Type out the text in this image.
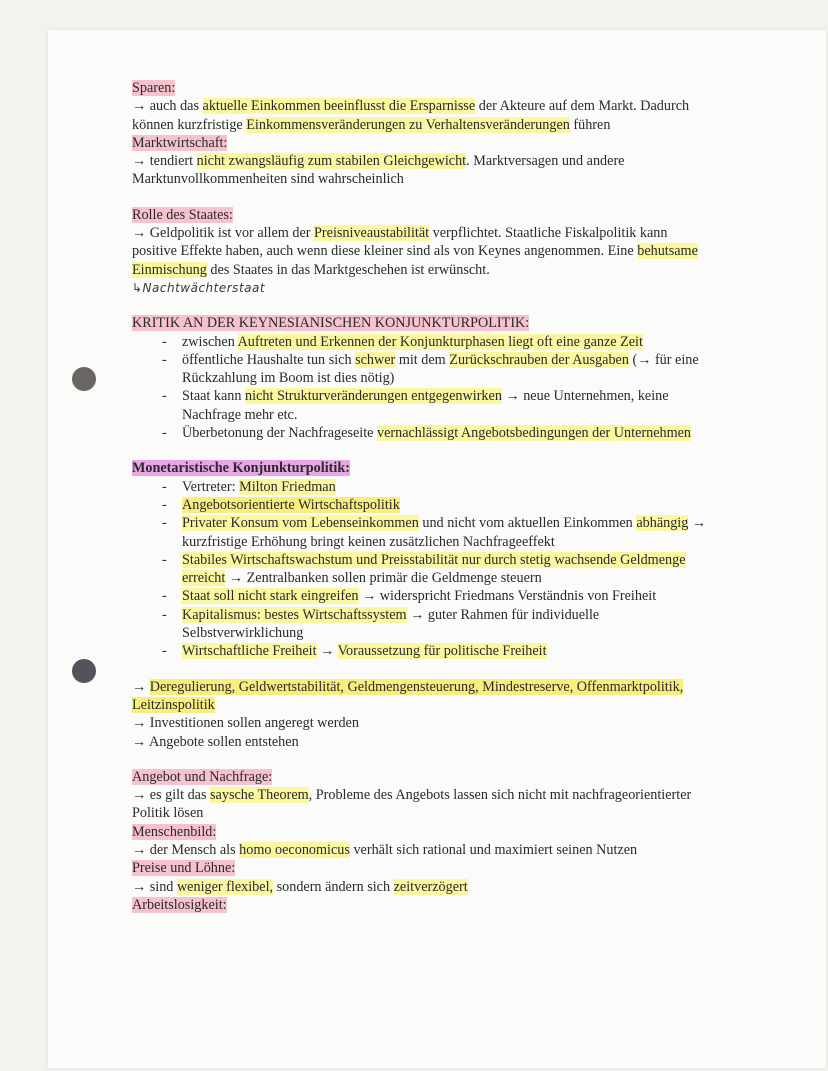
Sparen:

→ auch das aktuelle Einkommen beeinflusst die Ersparnisse der Akteure auf dem Markt. Dadurch können kurzfristige Einkommensveränderungen zu Verhaltensveränderungen führen

Marktwirtschaft:

→ tendiert nicht zwangsläufig zum stabilen Gleichgewicht. Marktversagen und andere Marktunvollkommenheiten sind wahrscheinlich

Rolle des Staates:

→ Geldpolitik ist vor allem der Preisniveaustabilität verpflichtet. Staatliche Fiskalpolitik kann positive Effekte haben, auch wenn diese kleiner sind als von Keynes angenommen. Eine behutsame Einmischung des Staates in das Marktgeschehen ist erwünscht.

↳Nachtwächterstaat

KRITIK AN DER KEYNESIANISCHEN KONJUNKTURPOLITIK:

- zwischen Auftreten und Erkennen der Konjunkturphasen liegt oft eine ganze Zeit
- öffentliche Haushalte tun sich schwer mit dem Zurückschrauben der Ausgaben (→ für eine Rückzahlung im Boom ist dies nötig)
- Staat kann nicht Strukturveränderungen entgegenwirken → neue Unternehmen, keine Nachfrage mehr etc.
- Überbetonung der Nachfrageseite vernachlässigt Angebotsbedingungen der Unternehmen

Monetaristische Konjunkturpolitik:

- Vertreter: Milton Friedman
- Angebotsorientierte Wirtschaftspolitik
- Privater Konsum vom Lebenseinkommen und nicht vom aktuellen Einkommen abhängig → kurzfristige Erhöhung bringt keinen zusätzlichen Nachfrageeffekt
- Stabiles Wirtschaftswachstum und Preisstabilität nur durch stetig wachsende Geldmenge erreicht → Zentralbanken sollen primär die Geldmenge steuern
- Staat soll nicht stark eingreifen → widerspricht Friedmans Verständnis von Freiheit
- Kapitalismus: bestes Wirtschaftssystem → guter Rahmen für individuelle Selbstverwirklichung
- Wirtschaftliche Freiheit → Voraussetzung für politische Freiheit

→ Deregulierung, Geldwertstabilität, Geldmengensteuerung, Mindestreserve, Offenmarktpolitik, Leitzinspolitik

→ Investitionen sollen angeregt werden

→ Angebote sollen entstehen

Angebot und Nachfrage:

→ es gilt das saysche Theorem, Probleme des Angebots lassen sich nicht mit nachfrageorientierter Politik lösen

Menschenbild:

→ der Mensch als homo oeconomicus verhält sich rational und maximiert seinen Nutzen

Preise und Löhne:

→ sind weniger flexibel, sondern ändern sich zeitverzögert

Arbeitslosigkeit:
